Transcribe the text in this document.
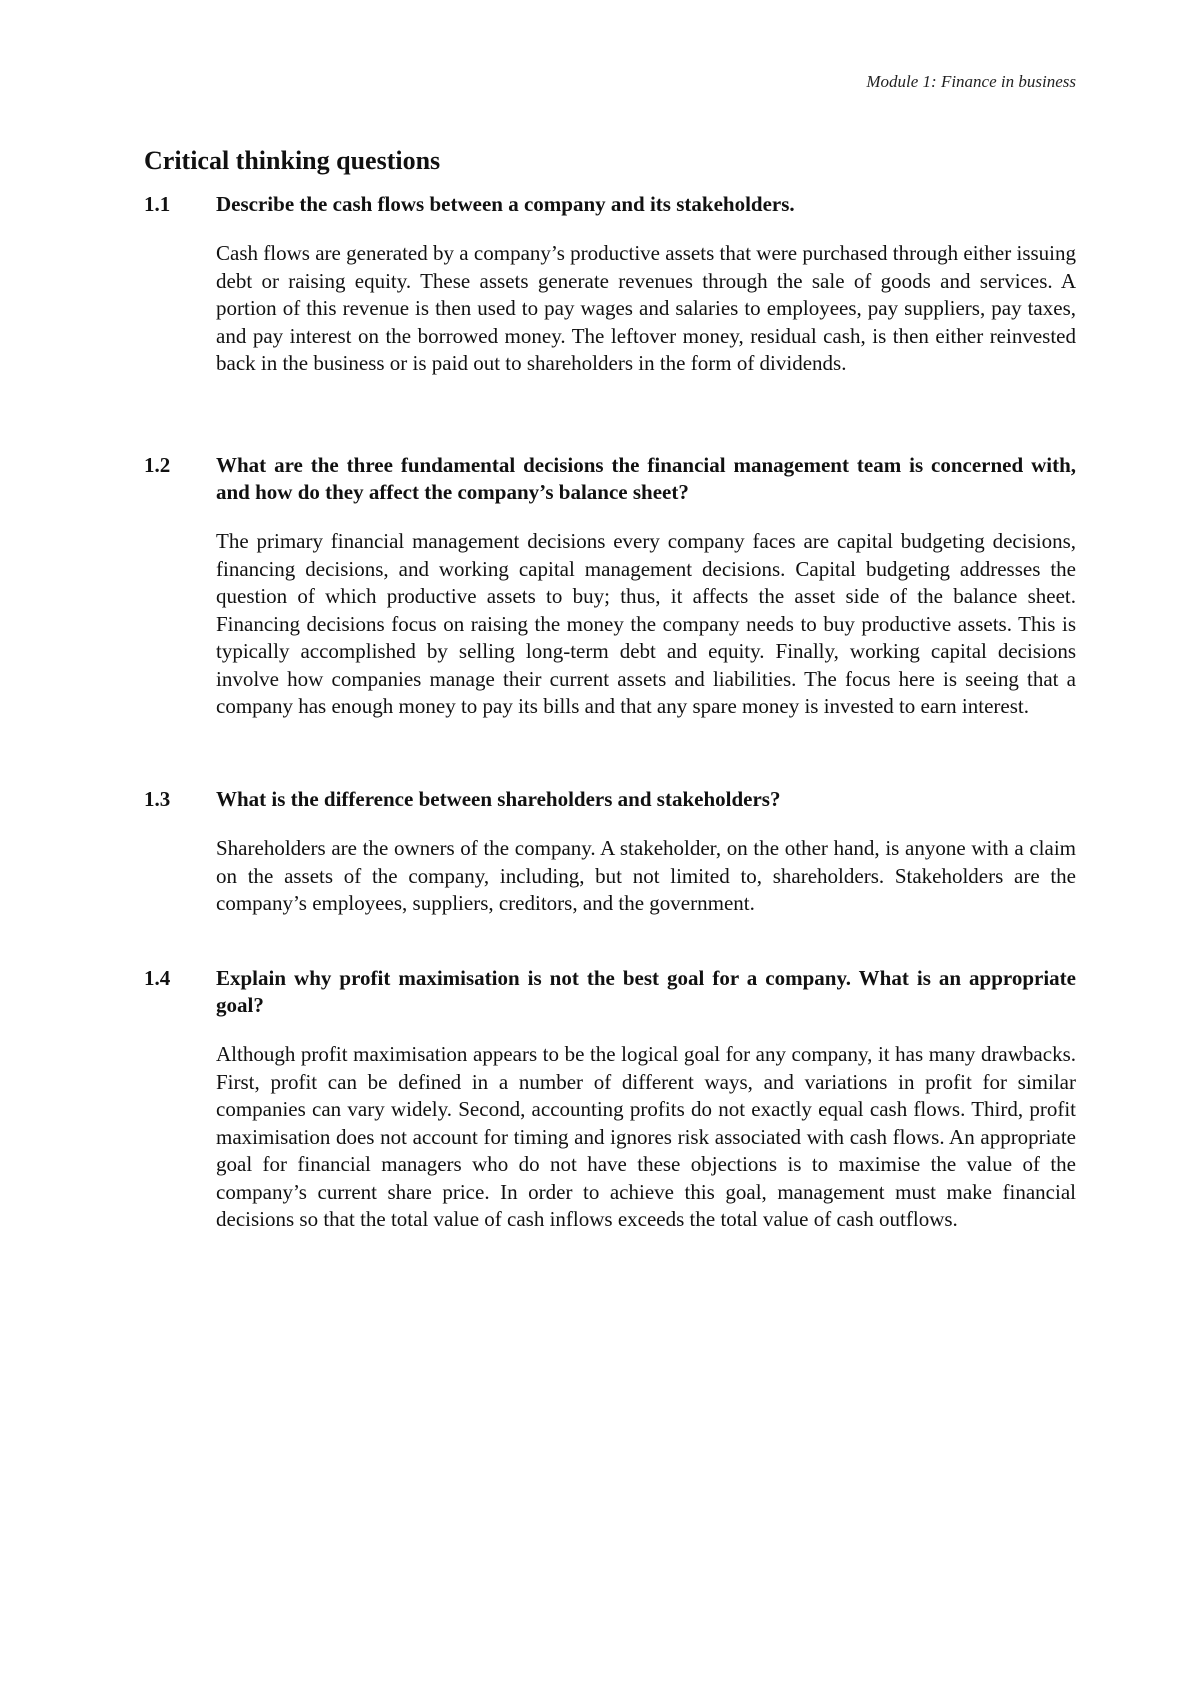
Module 1: Finance in business
Critical thinking questions
1.1	Describe the cash flows between a company and its stakeholders.
Cash flows are generated by a company’s productive assets that were purchased through either issuing debt or raising equity. These assets generate revenues through the sale of goods and services. A portion of this revenue is then used to pay wages and salaries to employees, pay suppliers, pay taxes, and pay interest on the borrowed money. The leftover money, residual cash, is then either reinvested back in the business or is paid out to shareholders in the form of dividends.
1.2	What are the three fundamental decisions the financial management team is concerned with, and how do they affect the company’s balance sheet?
The primary financial management decisions every company faces are capital budgeting decisions, financing decisions, and working capital management decisions. Capital budgeting addresses the question of which productive assets to buy; thus, it affects the asset side of the balance sheet. Financing decisions focus on raising the money the company needs to buy productive assets. This is typically accomplished by selling long-term debt and equity. Finally, working capital decisions involve how companies manage their current assets and liabilities. The focus here is seeing that a company has enough money to pay its bills and that any spare money is invested to earn interest.
1.3	What is the difference between shareholders and stakeholders?
Shareholders are the owners of the company. A stakeholder, on the other hand, is anyone with a claim on the assets of the company, including, but not limited to, shareholders. Stakeholders are the company’s employees, suppliers, creditors, and the government.
1.4	Explain why profit maximisation is not the best goal for a company. What is an appropriate goal?
Although profit maximisation appears to be the logical goal for any company, it has many drawbacks. First, profit can be defined in a number of different ways, and variations in profit for similar companies can vary widely. Second, accounting profits do not exactly equal cash flows. Third, profit maximisation does not account for timing and ignores risk associated with cash flows. An appropriate goal for financial managers who do not have these objections is to maximise the value of the company’s current share price. In order to achieve this goal, management must make financial decisions so that the total value of cash inflows exceeds the total value of cash outflows.
